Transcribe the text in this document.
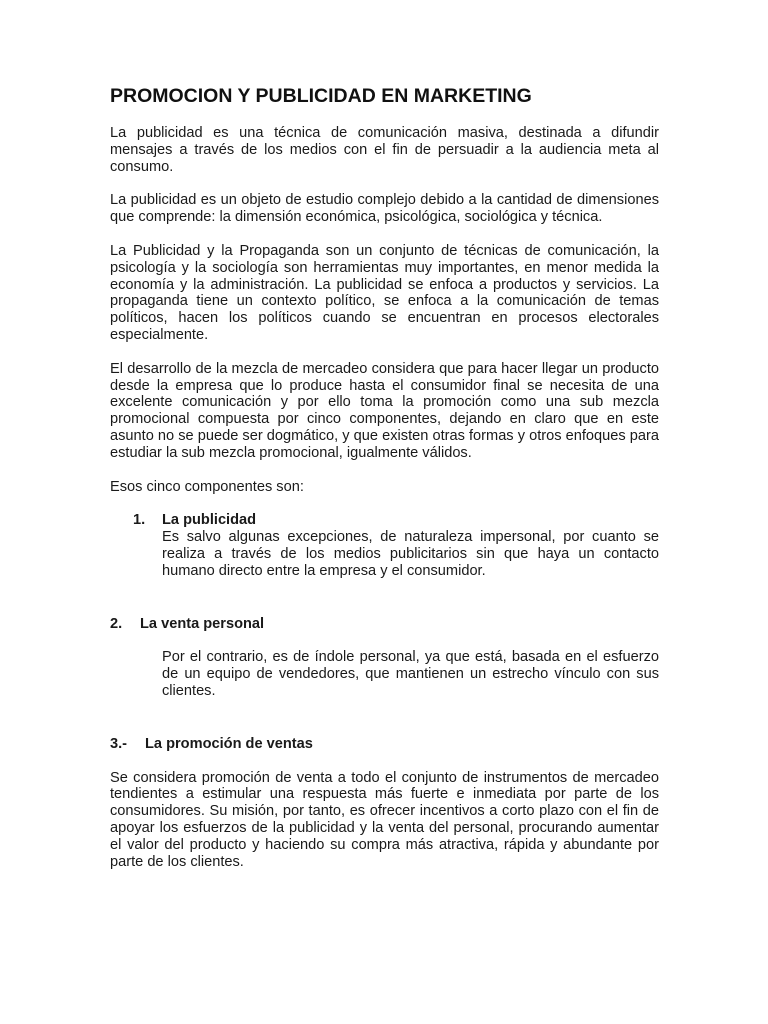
PROMOCION Y PUBLICIDAD EN MARKETING

La publicidad es una técnica de comunicación masiva, destinada a difundir mensajes a través de los medios con el fin de persuadir a la audiencia meta al consumo.

La publicidad es un objeto de estudio complejo debido a la cantidad de dimensiones que comprende: la dimensión económica, psicológica, sociológica y técnica.

La Publicidad y la Propaganda son un conjunto de técnicas de comunicación, la psicología y la sociología son herramientas muy importantes, en menor medida la economía y la administración. La publicidad se enfoca a productos y servicios. La propaganda tiene un contexto político, se enfoca a la comunicación de temas políticos, hacen los políticos cuando se encuentran en procesos electorales especialmente.

El desarrollo de la mezcla de mercadeo considera que para hacer llegar un producto desde la empresa que lo produce hasta el consumidor final se necesita de una excelente comunicación y por ello toma la promoción como una sub mezcla promocional compuesta por cinco componentes, dejando en claro que en este asunto no se puede ser dogmático, y que existen otras formas y otros enfoques para estudiar la sub mezcla promocional, igualmente válidos.

Esos cinco componentes son:

1. La publicidad
Es salvo algunas excepciones, de naturaleza impersonal, por cuanto se realiza a través de los medios publicitarios sin que haya un contacto humano directo entre la empresa y el consumidor.
2. La venta personal

Por el contrario, es de índole personal, ya que está, basada en el esfuerzo de un equipo de vendedores, que mantienen un estrecho vínculo con sus clientes.

3.- La promoción de ventas

Se considera promoción de venta a todo el conjunto de instrumentos de mercadeo tendientes a estimular una respuesta más fuerte e inmediata por parte de los consumidores. Su misión, por tanto, es ofrecer incentivos a corto plazo con el fin de apoyar los esfuerzos de la publicidad y la venta del personal, procurando aumentar el valor del producto y haciendo su compra más atractiva, rápida y abundante por parte de los clientes.
